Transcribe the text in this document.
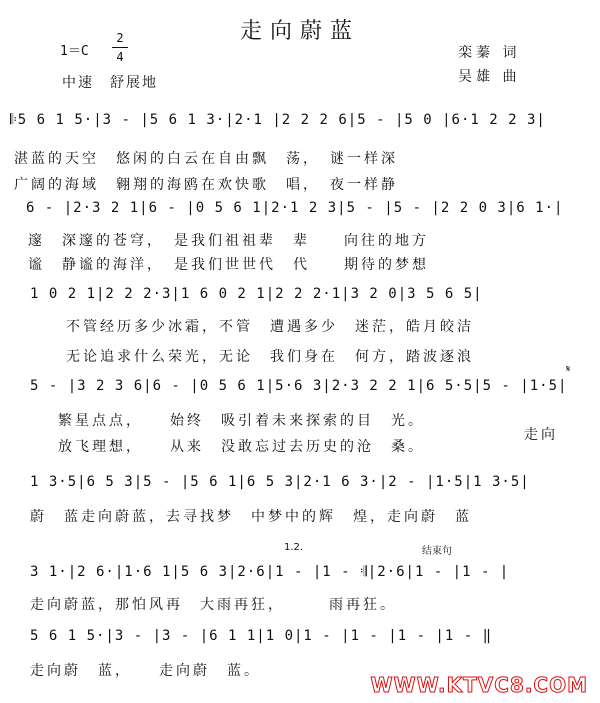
走向蔚蓝
1＝C
2
4
中速　舒展地
栾蓁 词
吴雄 曲
𝄆5 6 1 5·|3 - |5 6 1 3·|2·1 |2 2 2 6|5 - |5 0 |6·1 2 2 3|
湛蓝的天空　悠闲的白云在自由飘　荡，　谜一样深
广阔的海域　翱翔的海鸥在欢快歌　唱，　夜一样静
6 - |2·3 2 1|6 - |0 5 6 1|2·1 2 3|5 - |5 - |2 2 0 3|6 1·|
邃　深邃的苍穹，　是我们祖祖辈　辈　　向往的地方
谧　静谧的海洋，　是我们世世代　代　　期待的梦想
1 0 2 1|2 2 2·3|1 6 0 2 1|2 2 2·1|3 2 0|3 5 6 5|
不管经历多少冰霜，不管　遭遇多少　迷茫，皓月皎洁
无论追求什么荣光，无论　我们身在　何方，踏波逐浪
5 - |3 2 3 6|6 - |0 5 6 1|5·6 3|2·3 2 2 1|6 5·5|5 - |1·5|
𝄋
繁星点点，　　始终　吸引着未来探索的目　光。
放飞理想，　　从来　没敢忘过去历史的沧　桑。
走向
1 3·5|6 5 3|5 - |5 6 1|6 5 3|2·1 6 3·|2 - |1·5|1 3·5|
蔚　蓝走向蔚蓝，去寻找梦　中梦中的辉　煌，走向蔚　蓝
1.2.	结束句
3 1·|2 6·|1·6 1|5 6 3|2·6|1 - |1 - 𝄇|2·6|1 - |1 - |
走向蔚蓝，那怕风再　大雨再狂，　　　雨再狂。
5 6 1 5·|3 - |3 - |6 1 1|1 0|1 - |1 - |1 - |1 - ‖
走向蔚　蓝，　　走向蔚　蓝。
WWW.KTVC8.COM
